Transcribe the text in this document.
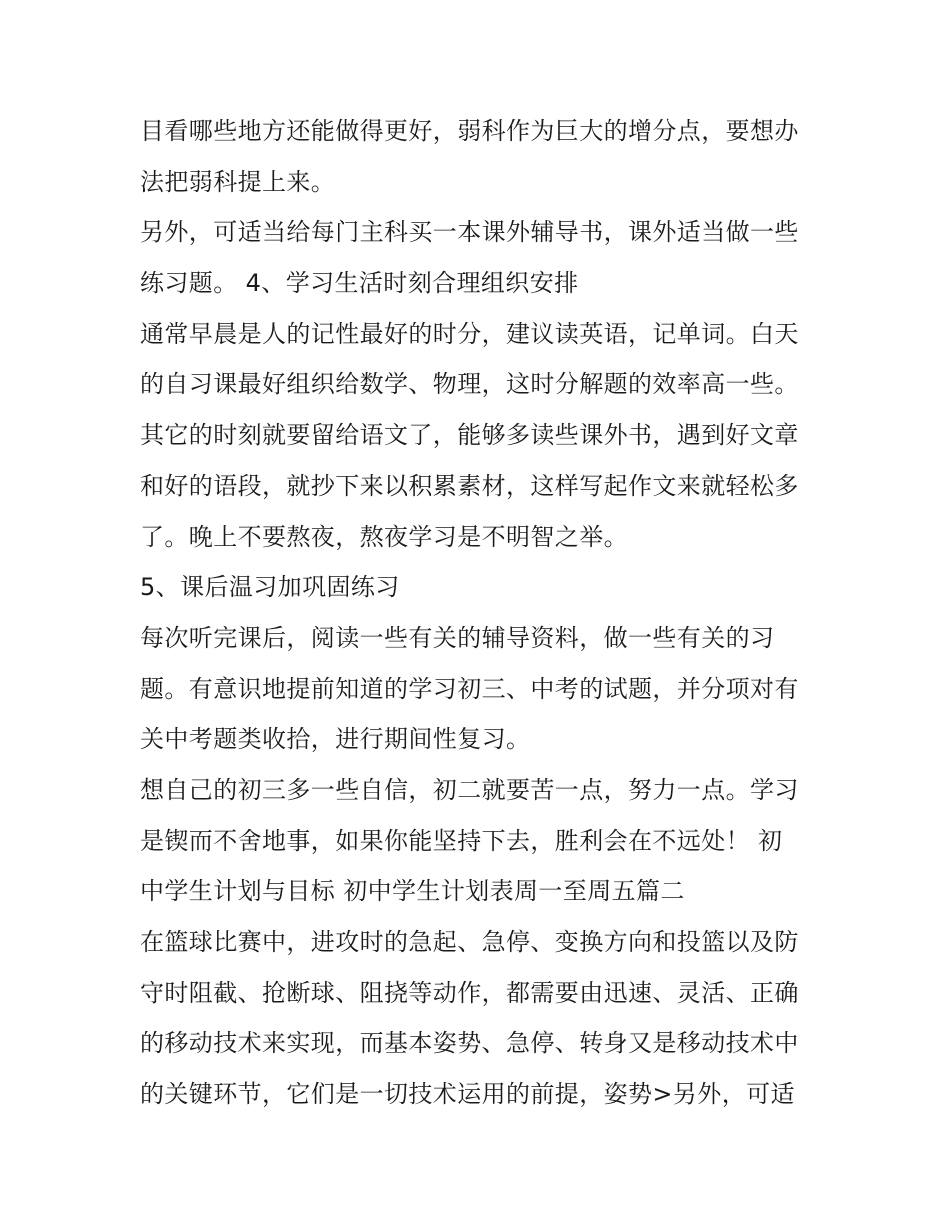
目看哪些地方还能做得更好，弱科作为巨大的增分点，要想办
法把弱科提上来。
另外，可适当给每门主科买一本课外辅导书，课外适当做一些
练习题。 4、学习生活时刻合理组织安排
通常早晨是人的记性最好的时分，建议读英语，记单词。白天
的自习课最好组织给数学、物理，这时分解题的效率高一些。
其它的时刻就要留给语文了，能够多读些课外书，遇到好文章
和好的语段，就抄下来以积累素材，这样写起作文来就轻松多
了。晚上不要熬夜，熬夜学习是不明智之举。
5、课后温习加巩固练习
每次听完课后，阅读一些有关的辅导资料，做一些有关的习
题。有意识地提前知道的学习初三、中考的试题，并分项对有
关中考题类收拾，进行期间性复习。
想自己的初三多一些自信，初二就要苦一点，努力一点。学习
是锲而不舍地事，如果你能坚持下去，胜利会在不远处！ 初
中学生计划与目标 初中学生计划表周一至周五篇二
在篮球比赛中，进攻时的急起、急停、变换方向和投篮以及防
守时阻截、抢断球、阻挠等动作，都需要由迅速、灵活、正确
的移动技术来实现，而基本姿势、急停、转身又是移动技术中
的关键环节，它们是一切技术运用的前提，姿势>另外，可适
